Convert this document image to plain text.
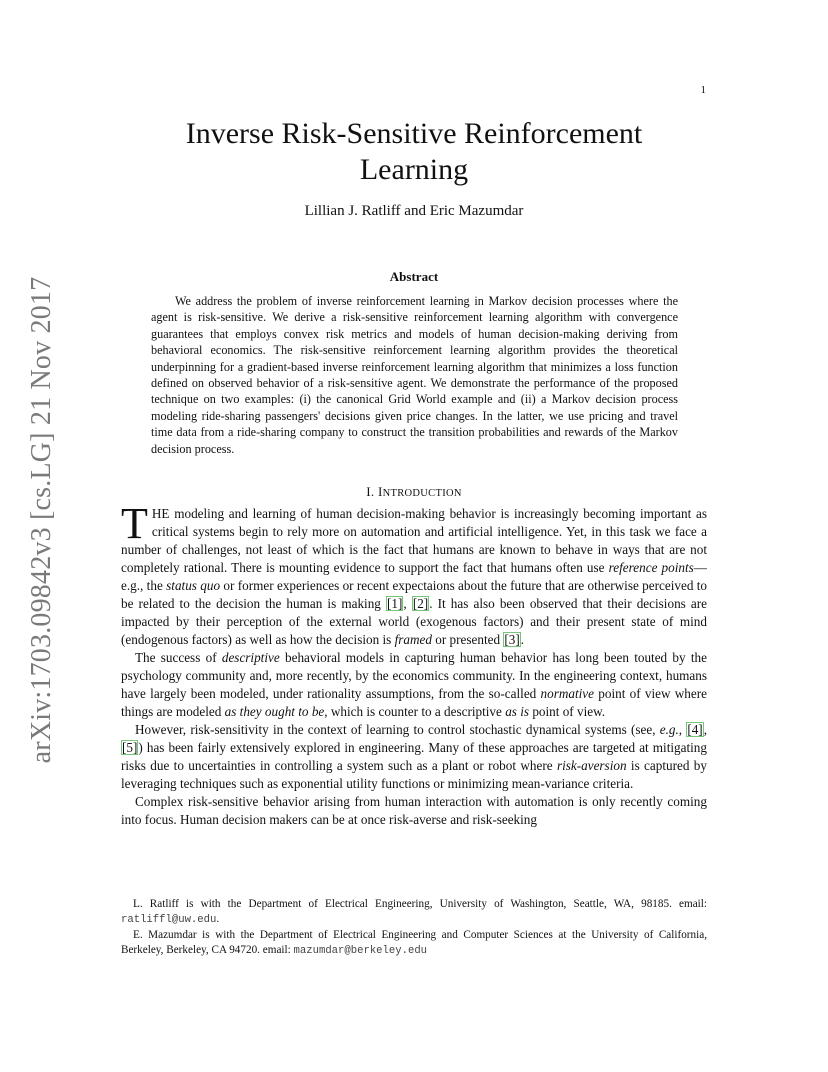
arXiv:1703.09842v3 [cs.LG] 21 Nov 2017
1
Inverse Risk-Sensitive Reinforcement Learning
Lillian J. Ratliff and Eric Mazumdar
Abstract

We address the problem of inverse reinforcement learning in Markov decision processes where the agent is risk-sensitive. We derive a risk-sensitive reinforcement learning algorithm with convergence guarantees that employs convex risk metrics and models of human decision-making deriving from behavioral economics. The risk-sensitive reinforcement learning algorithm provides the theoretical underpinning for a gradient-based inverse reinforcement learning algorithm that minimizes a loss function defined on observed behavior of a risk-sensitive agent. We demonstrate the performance of the proposed technique on two examples: (i) the canonical Grid World example and (ii) a Markov decision process modeling ride-sharing passengers' decisions given price changes. In the latter, we use pricing and travel time data from a ride-sharing company to construct the transition probabilities and rewards of the Markov decision process.

I. INTRODUCTION

THE modeling and learning of human decision-making behavior is increasingly becoming important as critical systems begin to rely more on automation and artificial intelligence. Yet, in this task we face a number of challenges, not least of which is the fact that humans are known to behave in ways that are not completely rational. There is mounting evidence to support the fact that humans often use reference points—e.g., the status quo or former experiences or recent expectaions about the future that are otherwise perceived to be related to the decision the human is making [1], [2]. It has also been observed that their decisions are impacted by their perception of the external world (exogenous factors) and their present state of mind (endogenous factors) as well as how the decision is framed or presented [3].

The success of descriptive behavioral models in capturing human behavior has long been touted by the psychology community and, more recently, by the economics community. In the engineering context, humans have largely been modeled, under rationality assumptions, from the so-called normative point of view where things are modeled as they ought to be, which is counter to a descriptive as is point of view.

However, risk-sensitivity in the context of learning to control stochastic dynamical systems (see, e.g., [4], [5]) has been fairly extensively explored in engineering. Many of these approaches are targeted at mitigating risks due to uncertainties in controlling a system such as a plant or robot where risk-aversion is captured by leveraging techniques such as exponential utility functions or minimizing mean-variance criteria.

Complex risk-sensitive behavior arising from human interaction with automation is only recently coming into focus. Human decision makers can be at once risk-averse and risk-seeking

L. Ratliff is with the Department of Electrical Engineering, University of Washington, Seattle, WA, 98185. email: ratliffl@uw.edu.

E. Mazumdar is with the Department of Electrical Engineering and Computer Sciences at the University of California, Berkeley, Berkeley, CA 94720. email: mazumdar@berkeley.edu
